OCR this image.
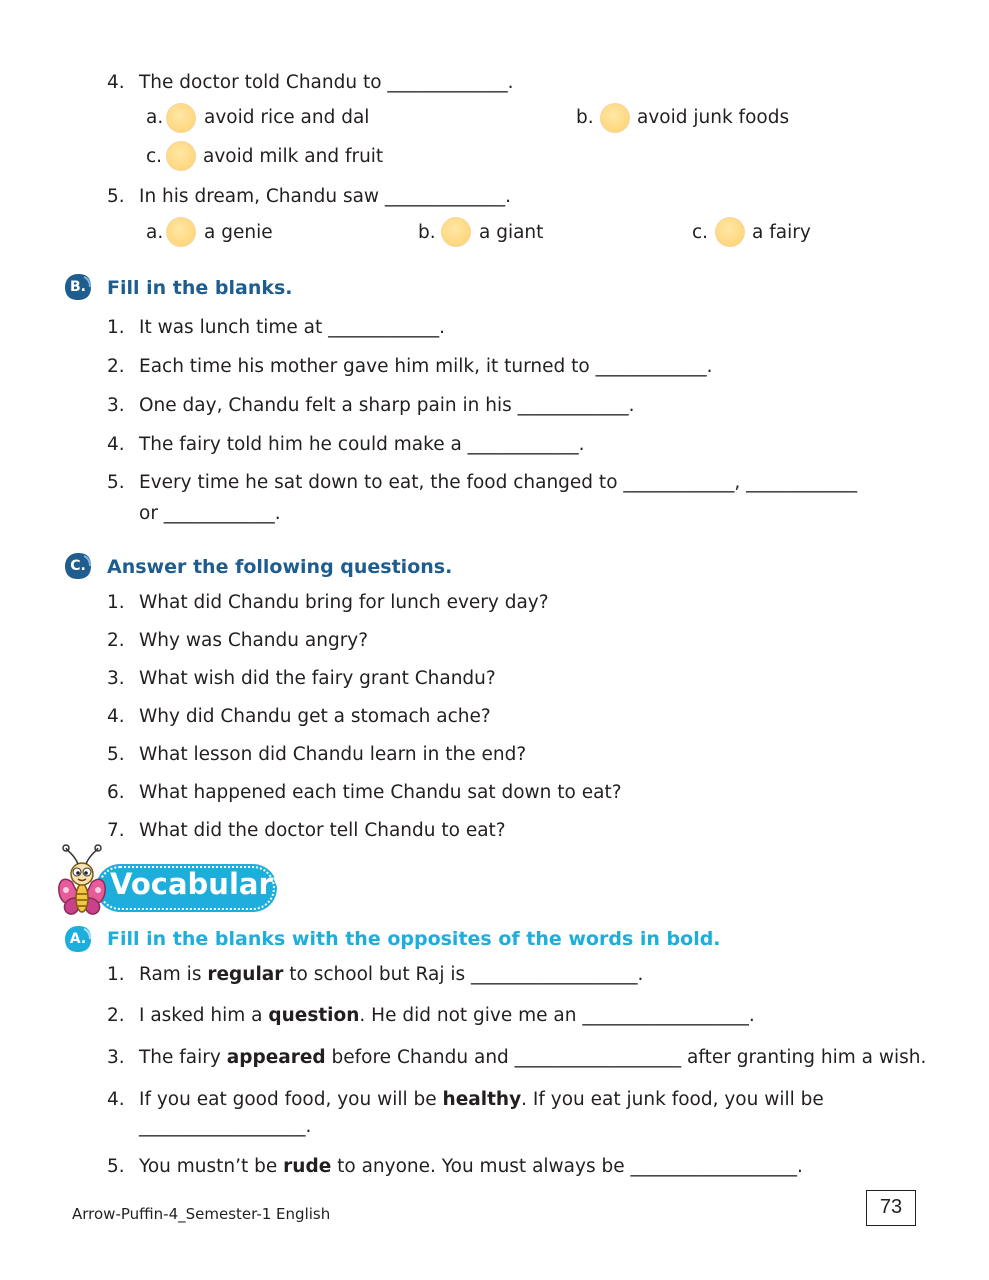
4. The doctor told Chandu to _____________.
a. avoid rice and dal	b. avoid junk foods
c. avoid milk and fruit
5. In his dream, Chandu saw _____________.
a. a genie	b. a giant	c. a fairy
B.	Fill in the blanks.
1. It was lunch time at ____________.
2. Each time his mother gave him milk, it turned to ____________.
3. One day, Chandu felt a sharp pain in his ____________.
4. The fairy told him he could make a ____________.
5. Every time he sat down to eat, the food changed to ____________, ____________
or ____________.
C.	Answer the following questions.
1. What did Chandu bring for lunch every day?
2. Why was Chandu angry?
3. What wish did the fairy grant Chandu?
4. Why did Chandu get a stomach ache?
5. What lesson did Chandu learn in the end?
6. What happened each time Chandu sat down to eat?
7. What did the doctor tell Chandu to eat?
Vocabulary
A.	Fill in the blanks with the opposites of the words in bold.
1. Ram is regular to school but Raj is __________________.
2. I asked him a question. He did not give me an __________________.
3. The fairy appeared before Chandu and __________________ after granting him a wish.
4. If you eat good food, you will be healthy. If you eat junk food, you will be
__________________.
5. You mustn’t be rude to anyone. You must always be __________________.
Arrow-Puffin-4_Semester-1 English	73
